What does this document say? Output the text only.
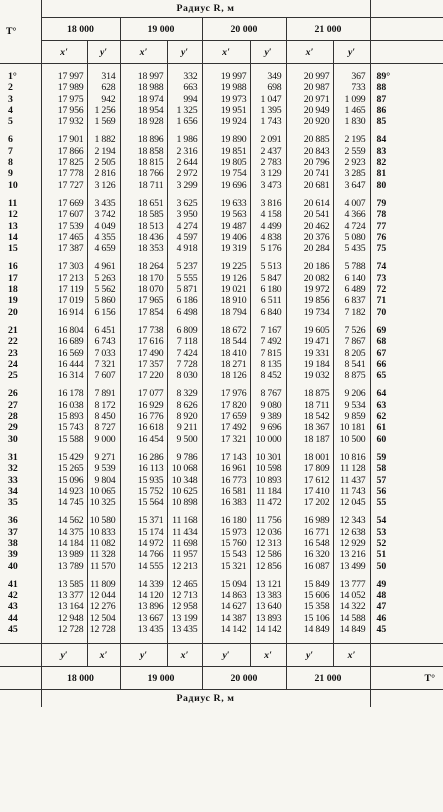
T°	Радиус R, м								
	18 000		19 000		20 000		21 000		
	x′	y′	x′	y′	x′	y′	x′	y′	

1°	17 997	314	18 997	332	19 997	349	20 997	367	89°
2	17 989	628	18 988	663	19 988	698	20 987	733	88
3	17 975	942	18 974	994	19 973	1 047	20 971	1 099	87
4	17 956	1 256	18 954	1 325	19 951	1 395	20 949	1 465	86
5	17 932	1 569	18 928	1 656	19 924	1 743	20 920	1 830	85

6	17 901	1 882	18 896	1 986	19 890	2 091	20 885	2 195	84
7	17 866	2 194	18 858	2 316	19 851	2 437	20 843	2 559	83
8	17 825	2 505	18 815	2 644	19 805	2 783	20 796	2 923	82
9	17 778	2 816	18 766	2 972	19 754	3 129	20 741	3 285	81
10	17 727	3 126	18 711	3 299	19 696	3 473	20 681	3 647	80

11	17 669	3 435	18 651	3 625	19 633	3 816	20 614	4 007	79
12	17 607	3 742	18 585	3 950	19 563	4 158	20 541	4 366	78
13	17 539	4 049	18 513	4 274	19 487	4 499	20 462	4 724	77
14	17 465	4 355	18 436	4 597	19 406	4 838	20 376	5 080	76
15	17 387	4 659	18 353	4 918	19 319	5 176	20 284	5 435	75

16	17 303	4 961	18 264	5 237	19 225	5 513	20 186	5 788	74
17	17 213	5 263	18 170	5 555	19 126	5 847	20 082	6 140	73
18	17 119	5 562	18 070	5 871	19 021	6 180	19 972	6 489	72
19	17 019	5 860	17 965	6 186	18 910	6 511	19 856	6 837	71
20	16 914	6 156	17 854	6 498	18 794	6 840	19 734	7 182	70

21	16 804	6 451	17 738	6 809	18 672	7 167	19 605	7 526	69
22	16 689	6 743	17 616	7 118	18 544	7 492	19 471	7 867	68
23	16 569	7 033	17 490	7 424	18 410	7 815	19 331	8 205	67
24	16 444	7 321	17 357	7 728	18 271	8 135	19 184	8 541	66
25	16 314	7 607	17 220	8 030	18 126	8 452	19 032	8 875	65

26	16 178	7 891	17 077	8 329	17 976	8 767	18 875	9 206	64
27	16 038	8 172	16 929	8 626	17 820	9 080	18 711	9 534	63
28	15 893	8 450	16 776	8 920	17 659	9 389	18 542	9 859	62
29	15 743	8 727	16 618	9 211	17 492	9 696	18 367	10 181	61
30	15 588	9 000	16 454	9 500	17 321	10 000	18 187	10 500	60

31	15 429	9 271	16 286	9 786	17 143	10 301	18 001	10 816	59
32	15 265	9 539	16 113	10 068	16 961	10 598	17 809	11 128	58
33	15 096	9 804	15 935	10 348	16 773	10 893	17 612	11 437	57
34	14 923	10 065	15 752	10 625	16 581	11 184	17 410	11 743	56
35	14 745	10 325	15 564	10 898	16 383	11 472	17 202	12 045	55

36	14 562	10 580	15 371	11 168	16 180	11 756	16 989	12 343	54
37	14 375	10 833	15 174	11 434	15 973	12 036	16 771	12 638	53
38	14 184	11 082	14 972	11 698	15 760	12 313	16 548	12 929	52
39	13 989	11 328	14 766	11 957	15 543	12 586	16 320	13 216	51
40	13 789	11 570	14 555	12 213	15 321	12 856	16 087	13 499	50

41	13 585	11 809	14 339	12 465	15 094	13 121	15 849	13 777	49
42	13 377	12 044	14 120	12 713	14 863	13 383	15 606	14 052	48
43	13 164	12 276	13 896	12 958	14 627	13 640	15 358	14 322	47
44	12 948	12 504	13 667	13 199	14 387	13 893	15 106	14 588	46
45	12 728	12 728	13 435	13 435	14 142	14 142	14 849	14 849	45

	y′	x′	y′	x′	y′	x′	y′	x′	
	18 000		19 000		20 000		21 000		T°
	Радиус R, м								
